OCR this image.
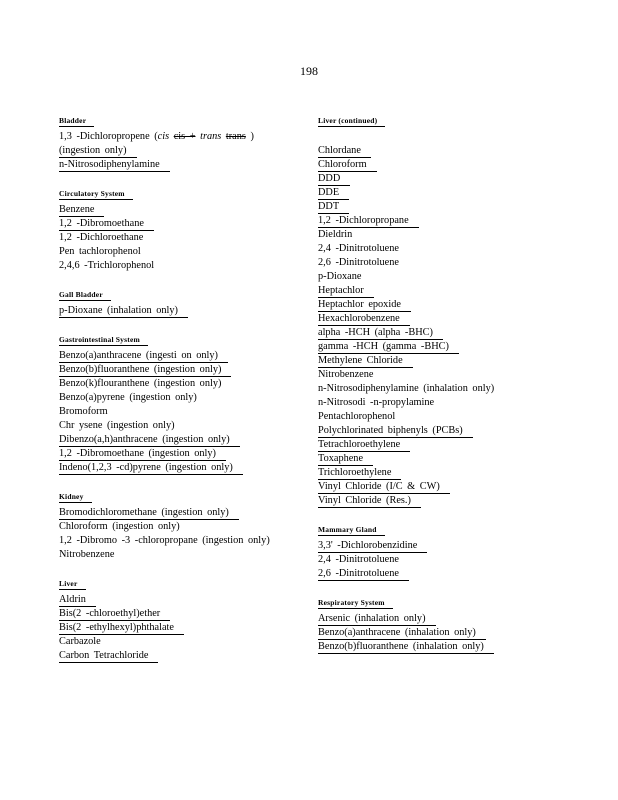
198
Bladder
1,3 -Dichloropropene (cis cis + trans trans )
(ingestion only)
n-Nitrosodiphenylamine
Circulatory System
Benzene
1,2 -Dibromoethane
1,2 -Dichloroethane
Pen tachlorophenol
2,4,6 -Trichlorophenol
Gall Bladder
p-Dioxane (inhalation only)
Gastrointestinal System
Benzo(a)anthracene (ingesti on only)
Benzo(b)fluoranthene (ingestion only)
Benzo(k)flouranthene (ingestion only)
Benzo(a)pyrene (ingestion only)
Bromoform
Chr ysene (ingestion only)
Dibenzo(a,h)anthracene (ingestion only)
1,2 -Dibromoethane (ingestion only)
Indeno(1,2,3 -cd)pyrene (ingestion only)
Kidney
Bromodichloromethane (ingestion only)
Chloroform (ingestion only)
1,2 -Dibromo -3 -chloropropane (ingestion only)
Nitrobenzene
Liver
Aldrin
Bis(2 -chloroethyl)ether
Bis(2 -ethylhexyl)phthalate
Carbazole
Carbon Tetrachloride
Liver (continued)
Chlordane
Chloroform
DDD
DDE
DDT
1,2 -Dichloropropane
Dieldrin
2,4 -Dinitrotoluene
2,6 -Dinitrotoluene
p-Dioxane
Heptachlor
Heptachlor epoxide
Hexachlorobenzene
alpha -HCH (alpha -BHC)
gamma -HCH (gamma -BHC)
Methylene Chloride
Nitrobenzene
n-Nitrosodiphenylamine (inhalation only)
n-Nitrosodi -n-propylamine
Pentachlorophenol
Polychlorinated biphenyls (PCBs)
Tetrachloroethylene
Toxaphene
Trichloroethylene
Vinyl Chloride (I/C & CW)
Vinyl Chloride (Res.)
Mammary Gland
3,3' -Dichlorobenzidine
2,4 -Dinitrotoluene
2,6 -Dinitrotoluene
Respiratory System
Arsenic (inhalation only)
Benzo(a)anthracene (inhalation only)
Benzo(b)fluoranthene (inhalation only)
